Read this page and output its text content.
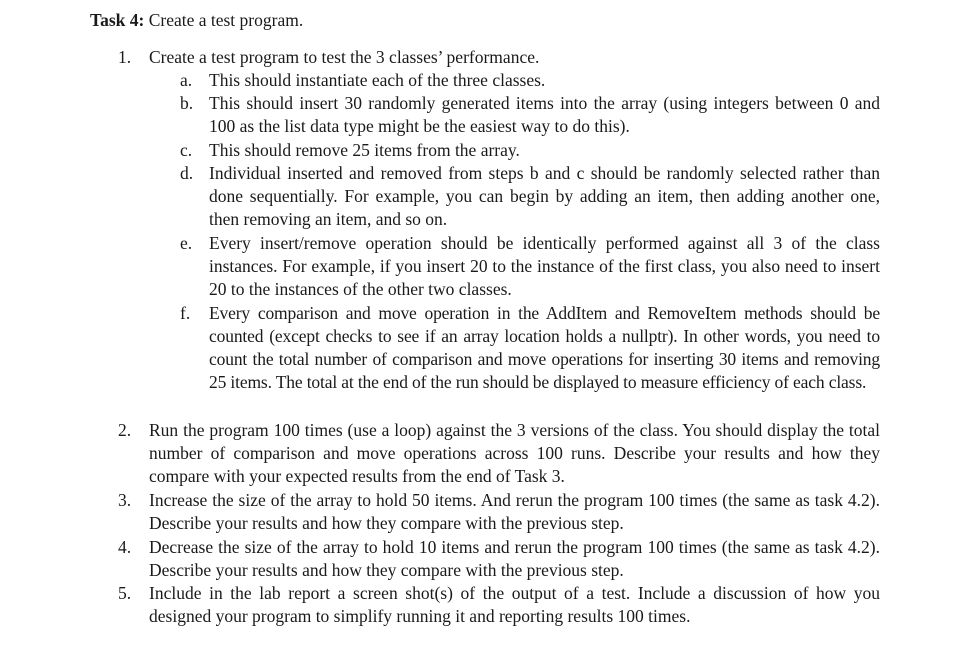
Task 4: Create a test program.
1. Create a test program to test the 3 classes’ performance.
a. This should instantiate each of the three classes.
b. This should insert 30 randomly generated items into the array (using integers between 0 and 100 as the list data type might be the easiest way to do this).
c. This should remove 25 items from the array.
d. Individual inserted and removed from steps b and c should be randomly selected rather than done sequentially. For example, you can begin by adding an item, then adding another one, then removing an item, and so on.
e. Every insert/remove operation should be identically performed against all 3 of the class instances. For example, if you insert 20 to the instance of the first class, you also need to insert 20 to the instances of the other two classes.
f. Every comparison and move operation in the AddItem and RemoveItem methods should be counted (except checks to see if an array location holds a nullptr). In other words, you need to count the total number of comparison and move operations for inserting 30 items and removing 25 items. The total at the end of the run should be displayed to measure efficiency of each class.
2. Run the program 100 times (use a loop) against the 3 versions of the class. You should display the total number of comparison and move operations across 100 runs. Describe your results and how they compare with your expected results from the end of Task 3.
3. Increase the size of the array to hold 50 items. And rerun the program 100 times (the same as task 4.2). Describe your results and how they compare with the previous step.
4. Decrease the size of the array to hold 10 items and rerun the program 100 times (the same as task 4.2). Describe your results and how they compare with the previous step.
5. Include in the lab report a screen shot(s) of the output of a test. Include a discussion of how you designed your program to simplify running it and reporting results 100 times.
